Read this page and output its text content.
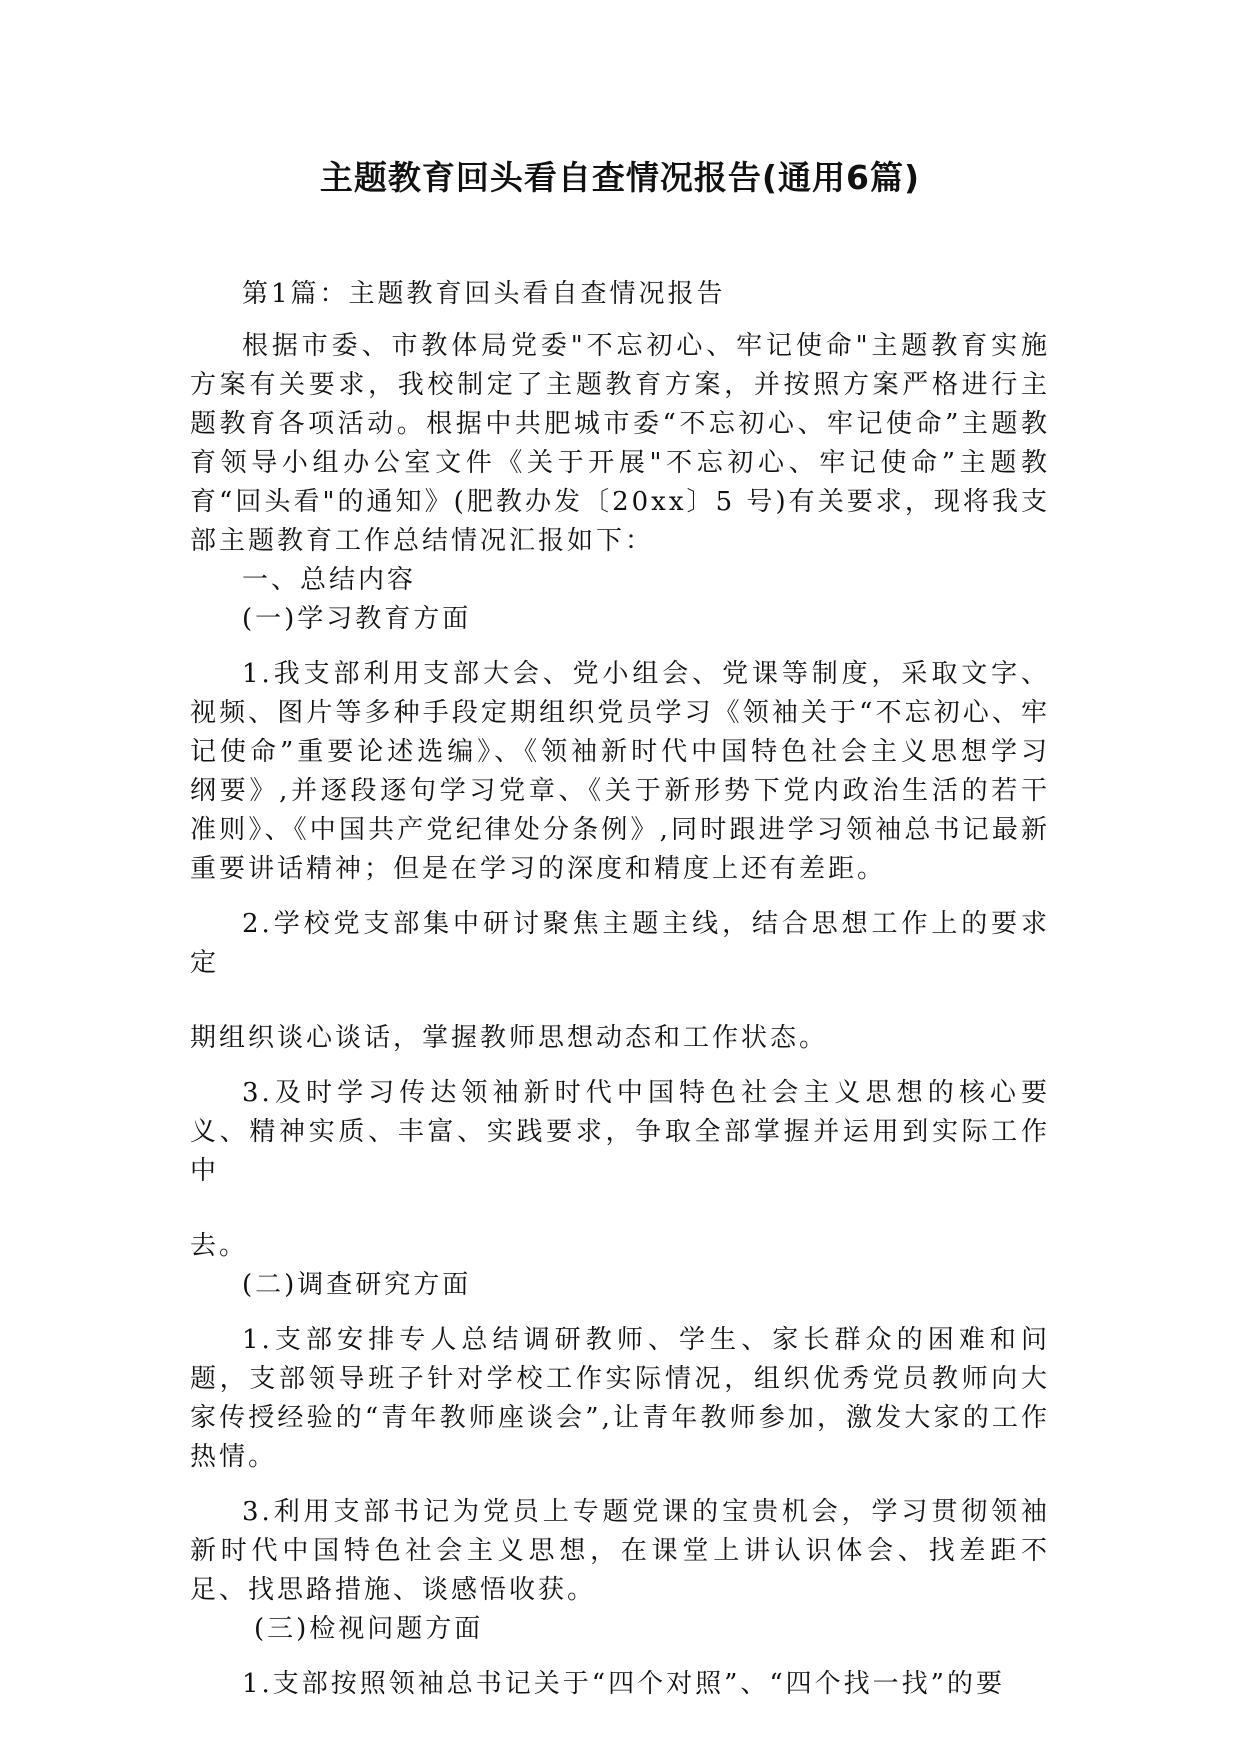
主题教育回头看自查情况报告(通用6篇)

第1篇：主题教育回头看自查情况报告

根据市委、市教体局党委"不忘初心、牢记使命"主题教育实施方案有关要求，我校制定了主题教育方案，并按照方案严格进行主题教育各项活动。根据中共肥城市委“不忘初心、牢记使命”主题教育领导小组办公室文件《关于开展"不忘初心、牢记使命”主题教育“回头看"的通知》(肥教办发〔20xx〕5 号)有关要求，现将我支部主题教育工作总结情况汇报如下：

一、总结内容

(一)学习教育方面

1.我支部利用支部大会、党小组会、党课等制度，采取文字、视频、图片等多种手段定期组织党员学习《领袖关于“不忘初心、牢记使命”重要论述选编》、《领袖新时代中国特色社会主义思想学习纲要》,并逐段逐句学习党章、《关于新形势下党内政治生活的若干准则》、《中国共产党纪律处分条例》,同时跟进学习领袖总书记最新重要讲话精神；但是在学习的深度和精度上还有差距。

2.学校党支部集中研讨聚焦主题主线，结合思想工作上的要求定

期组织谈心谈话，掌握教师思想动态和工作状态。

3.及时学习传达领袖新时代中国特色社会主义思想的核心要义、精神实质、丰富、实践要求，争取全部掌握并运用到实际工作中

去。

(二)调查研究方面

1.支部安排专人总结调研教师、学生、家长群众的困难和问题，支部领导班子针对学校工作实际情况，组织优秀党员教师向大家传授经验的“青年教师座谈会”,让青年教师参加，激发大家的工作热情。

3.利用支部书记为党员上专题党课的宝贵机会，学习贯彻领袖新时代中国特色社会主义思想，在课堂上讲认识体会、找差距不足、找思路措施、谈感悟收获。

(三)检视问题方面

1.支部按照领袖总书记关于“四个对照”、“四个找一找”的要
